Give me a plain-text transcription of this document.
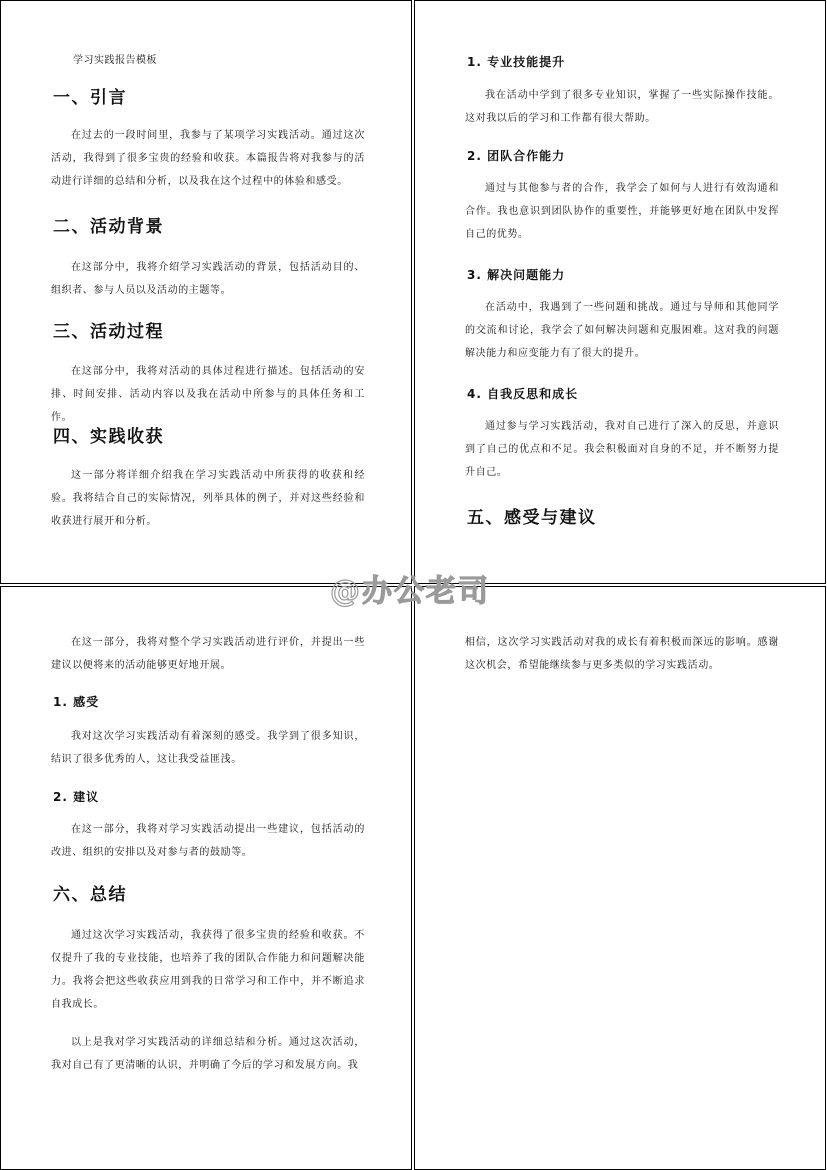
学习实践报告模板
一、引言

在过去的一段时间里，我参与了某项学习实践活动。通过这次活动，我得到了很多宝贵的经验和收获。本篇报告将对我参与的活动进行详细的总结和分析，以及我在这个过程中的体验和感受。

二、活动背景

在这部分中，我将介绍学习实践活动的背景，包括活动目的、组织者、参与人员以及活动的主题等。

三、活动过程

在这部分中，我将对活动的具体过程进行描述。包括活动的安排、时间安排、活动内容以及我在活动中所参与的具体任务和工作。

四、实践收获

这一部分将详细介绍我在学习实践活动中所获得的收获和经验。我将结合自己的实际情况，列举具体的例子，并对这些经验和收获进行展开和分析。

1. 专业技能提升

我在活动中学到了很多专业知识，掌握了一些实际操作技能。这对我以后的学习和工作都有很大帮助。

2. 团队合作能力

通过与其他参与者的合作，我学会了如何与人进行有效沟通和合作。我也意识到团队协作的重要性，并能够更好地在团队中发挥自己的优势。

3. 解决问题能力

在活动中，我遇到了一些问题和挑战。通过与导师和其他同学的交流和讨论，我学会了如何解决问题和克服困难。这对我的问题解决能力和应变能力有了很大的提升。

4. 自我反思和成长

通过参与学习实践活动，我对自己进行了深入的反思，并意识到了自己的优点和不足。我会积极面对自身的不足，并不断努力提升自己。

五、感受与建议

在这一部分，我将对整个学习实践活动进行评价，并提出一些建议以便将来的活动能够更好地开展。

1. 感受

我对这次学习实践活动有着深刻的感受。我学到了很多知识，结识了很多优秀的人，这让我受益匪浅。

2. 建议

在这一部分，我将对学习实践活动提出一些建议，包括活动的改进、组织的安排以及对参与者的鼓励等。

六、总结

通过这次学习实践活动，我获得了很多宝贵的经验和收获。不仅提升了我的专业技能，也培养了我的团队合作能力和问题解决能力。我将会把这些收获应用到我的日常学习和工作中，并不断追求自我成长。

以上是我对学习实践活动的详细总结和分析。通过这次活动，我对自己有了更清晰的认识，并明确了今后的学习和发展方向。我

相信，这次学习实践活动对我的成长有着积极而深远的影响。感谢这次机会，希望能继续参与更多类似的学习实践活动。

@办公老司
